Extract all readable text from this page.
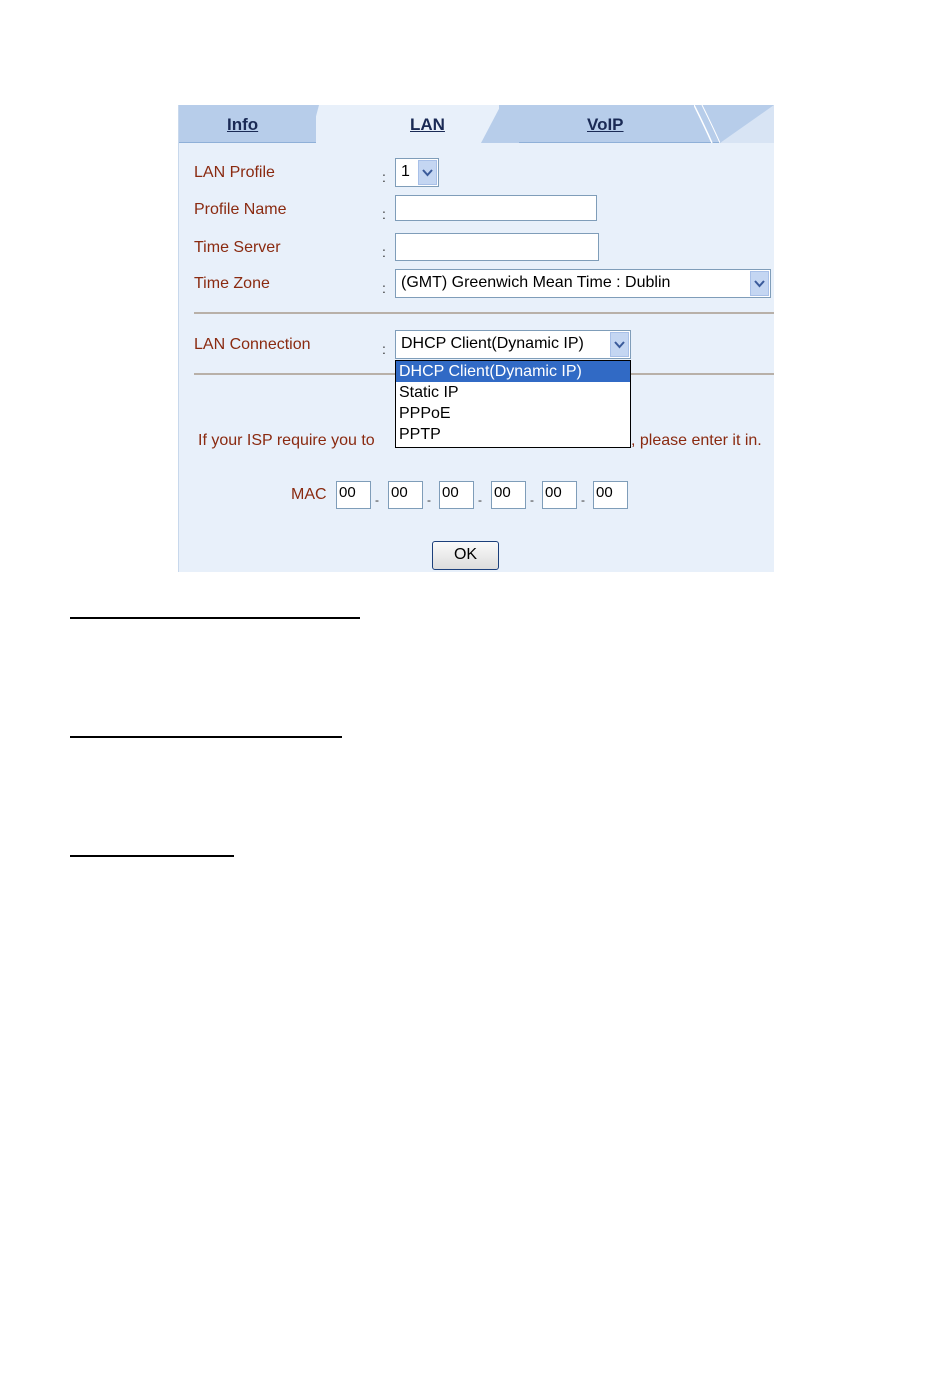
Info	LAN	VoIP
LAN Profile	: 1
Profile Name	:
Time Server	:
Time Zone	: (GMT) Greenwich Mean Time : Dublin
LAN Connection	: DHCP Client(Dynamic IP)
If your ISP require you to	, please enter it in.
DHCP Client(Dynamic IP)
Static IP
PPPoE
PPTP
MAC 00	- 00	- 00	- 00	- 00	- 00
OK
